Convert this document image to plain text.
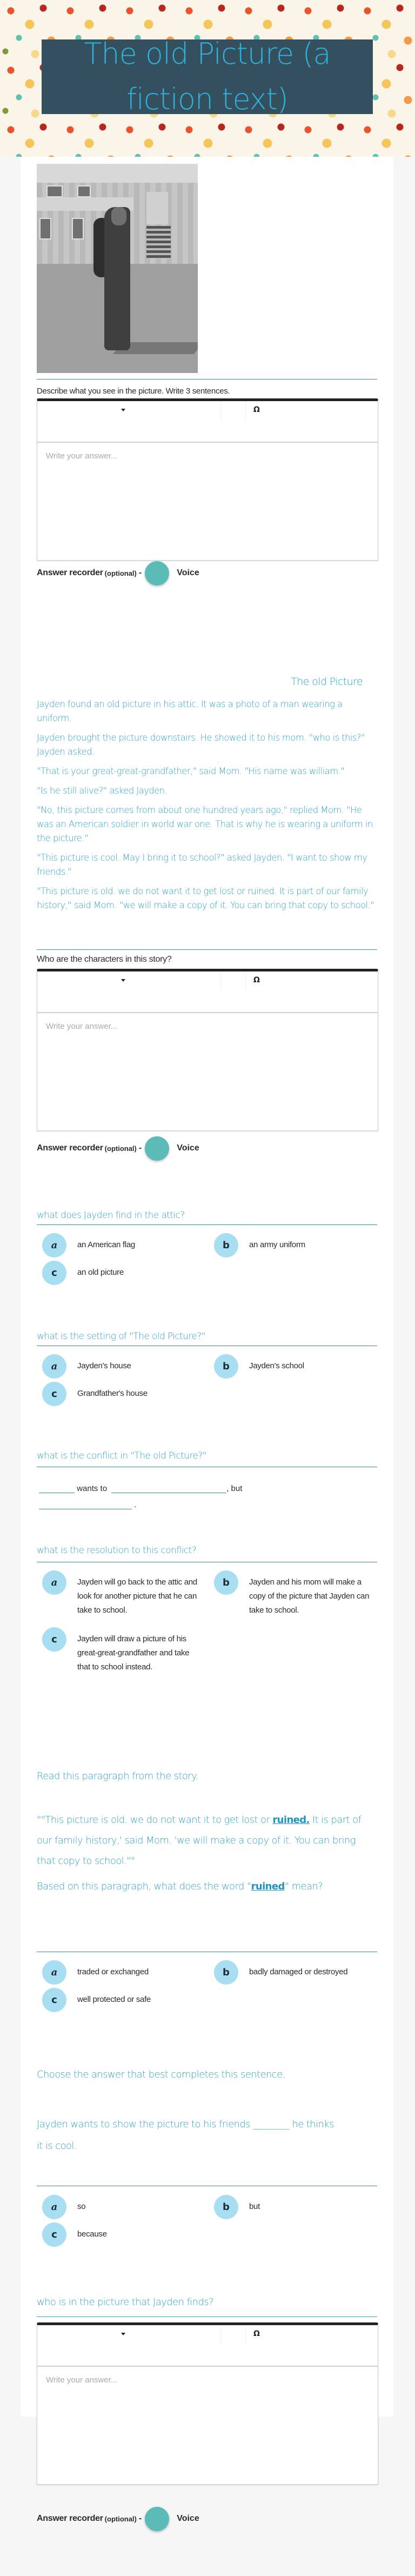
The old Picture (a fiction text)
Describe what you see in the picture. Write 3 sentences.
Ω
Write your answer...
Answer recorder (optional) -	Voice
The old Picture

Jayden found an old picture in his attic. It was a photo of a man wearing a uniform.

Jayden brought the picture downstairs. He showed it to his mom. "who is this?" Jayden asked.

"That is your great-great-grandfather," said Mom. "His name was william."

"Is he still alive?" asked Jayden.

"No, this picture comes from about one hundred years ago," replied Mom. "He was an American soldier in world war one. That is why he is wearing a uniform in the picture."

"This picture is cool. May I bring it to school?" asked Jayden. "I want to show my friends."

"This picture is old. we do not want it to get lost or ruined. It is part of our family history," said Mom. "we will make a copy of it. You can bring that copy to school."

Who are the characters in this story?
Ω
Write your answer...
Answer recorder (optional) -	Voice
what does Jayden find in the attic?
a	an American flag	b	an army uniform
c	an old picture
what is the setting of "The old Picture?"
a	Jayden's house	b	Jayden's school
c	Grandfather's house
what is the conflict in "The old Picture?"
wants to	, but
.
what is the resolution to this conflict?
a	Jayden will go back to the attic and look for another picture that he can take to school.
b	Jayden and his mom will make a copy of the picture that Jayden can take to school.
c	Jayden will draw a picture of his great-great-grandfather and take that to school instead.
Read this paragraph from the story.
""This picture is old. we do not want it to get lost or ruined. It is part of our family history,' said Mom. 'we will make a copy of it. You can bring that copy to school.""
Based on this paragraph, what does the word "ruined" mean?
a	traded or exchanged	b	badly damaged or destroyed
c	well protected or safe
Choose the answer that best completes this sentence.
Jayden wants to show the picture to his friends ________ he thinks it is cool.
a	so	b	but
c	because
who is in the picture that Jayden finds?
Ω
Write your answer...
Answer recorder (optional) -	Voice
